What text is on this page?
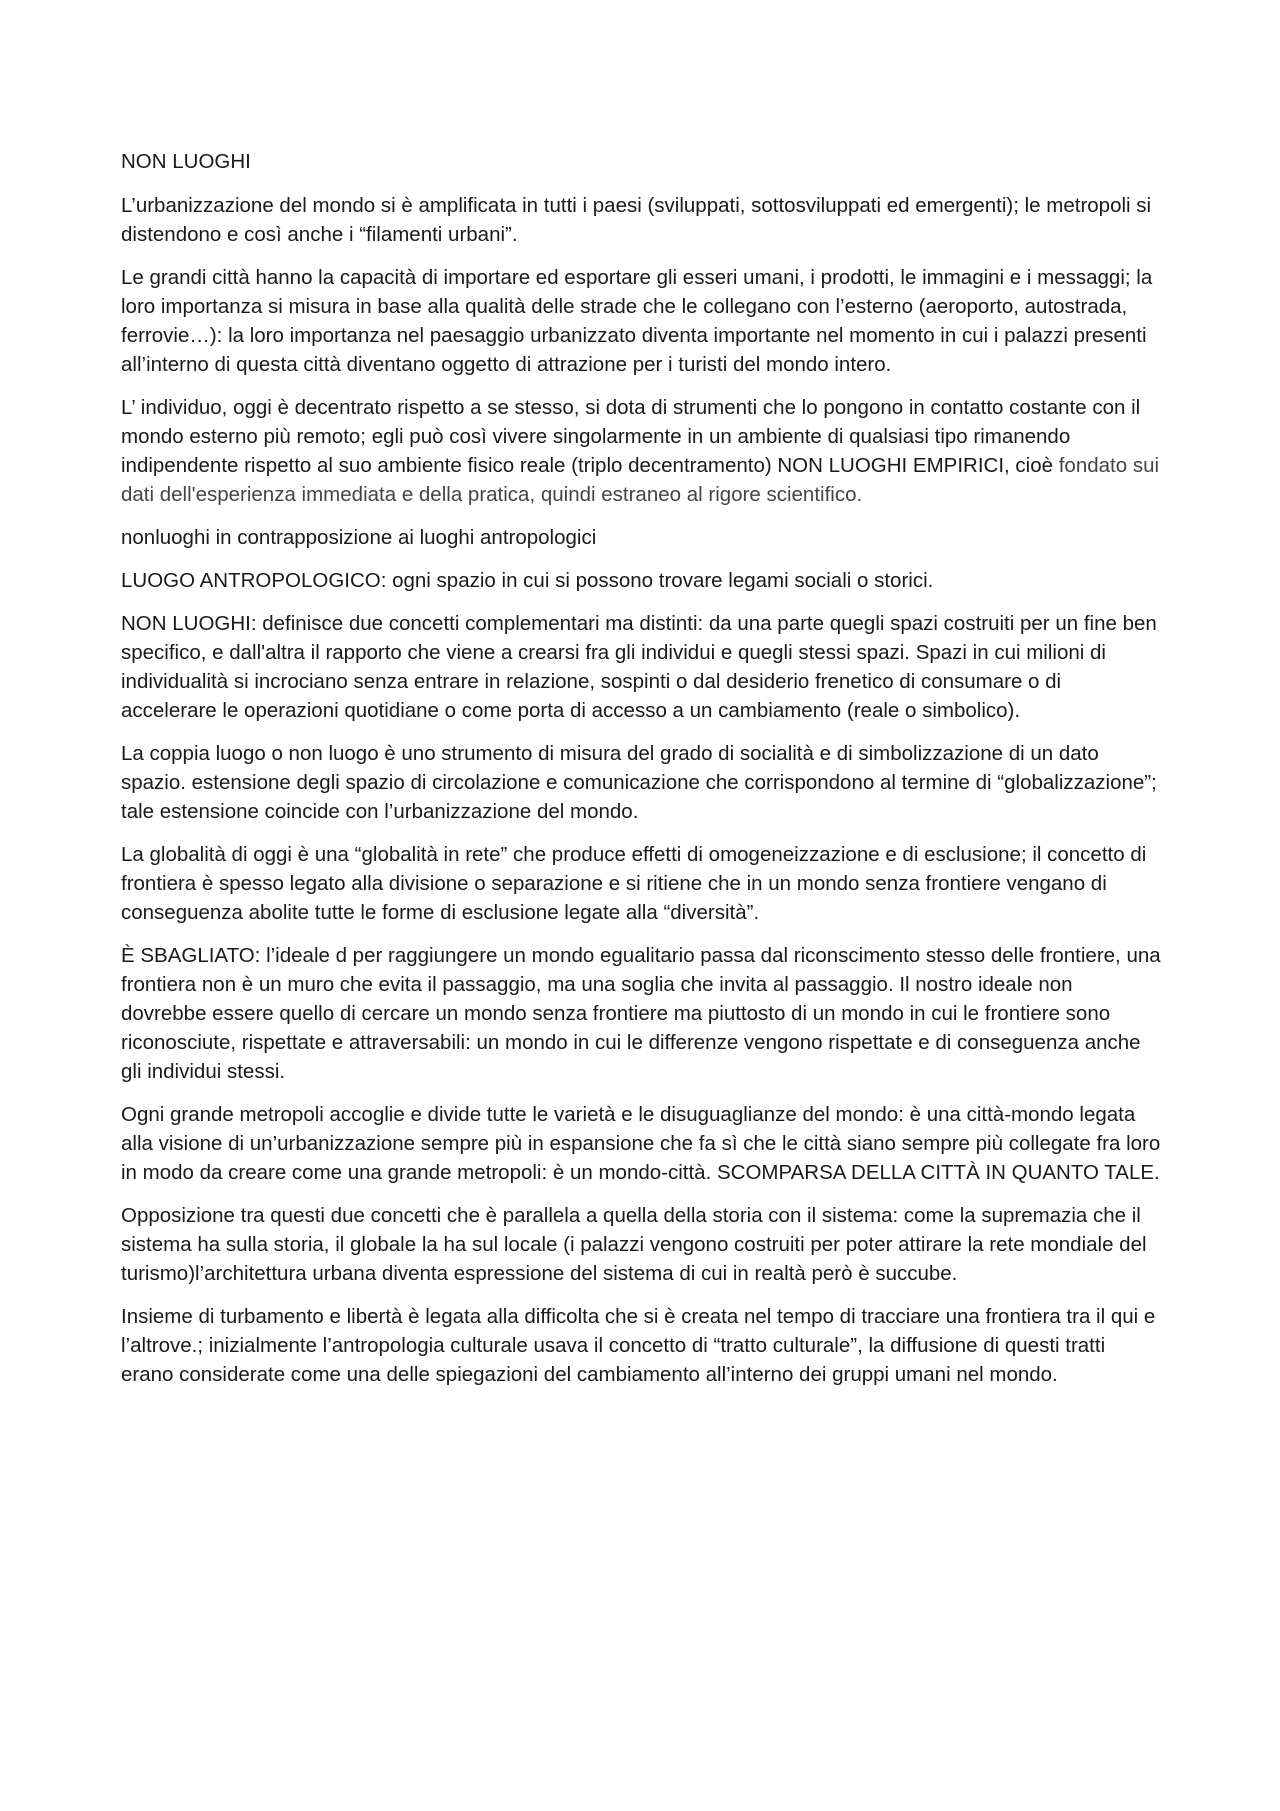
NON LUOGHI

L’urbanizzazione del mondo si è amplificata in tutti i paesi (sviluppati, sottosviluppati ed emergenti); le metropoli si distendono e così anche i “filamenti urbani”.

Le grandi città hanno la capacità di importare ed esportare gli esseri umani, i prodotti, le immagini e i messaggi; la loro importanza si misura in base alla qualità delle strade che le collegano con l’esterno (aeroporto, autostrada, ferrovie…): la loro importanza nel paesaggio urbanizzato diventa importante nel momento in cui i palazzi presenti all’interno di questa città diventano oggetto di attrazione per i turisti del mondo intero.

L’ individuo, oggi è decentrato rispetto a se stesso, si dota di strumenti che lo pongono in contatto costante con il mondo esterno più remoto; egli può così vivere singolarmente in un ambiente di qualsiasi tipo rimanendo indipendente rispetto al suo ambiente fisico reale (triplo decentramento) NON LUOGHI EMPIRICI, cioè fondato sui dati dell'esperienza immediata e della pratica, quindi estraneo al rigore scientifico.

nonluoghi in contrapposizione ai luoghi antropologici

LUOGO ANTROPOLOGICO: ogni spazio in cui si possono trovare legami sociali o storici.

NON LUOGHI: definisce due concetti complementari ma distinti: da una parte quegli spazi costruiti per un fine ben specifico, e dall'altra il rapporto che viene a crearsi fra gli individui e quegli stessi spazi. Spazi in cui milioni di individualità si incrociano senza entrare in relazione, sospinti o dal desiderio frenetico di consumare o di accelerare le operazioni quotidiane o come porta di accesso a un cambiamento (reale o simbolico).

La coppia luogo o non luogo è uno strumento di misura del grado di socialità e di simbolizzazione di un dato spazio. estensione degli spazio di circolazione e comunicazione che corrispondono al termine di “globalizzazione”; tale estensione coincide con l’urbanizzazione del mondo.

La globalità di oggi è una “globalità in rete” che produce effetti di omogeneizzazione e di esclusione; il concetto di frontiera è spesso legato alla divisione o separazione e si ritiene che in un mondo senza frontiere vengano di conseguenza abolite tutte le forme di esclusione legate alla “diversità”.

È SBAGLIATO: l’ideale d per raggiungere un mondo egualitario passa dal riconscimento stesso delle frontiere, una frontiera non è un muro che evita il passaggio, ma una soglia che invita al passaggio. Il nostro ideale non dovrebbe essere quello di cercare un mondo senza frontiere ma piuttosto di un mondo in cui le frontiere sono riconosciute, rispettate e attraversabili: un mondo in cui le differenze vengono rispettate e di conseguenza anche gli individui stessi.

Ogni grande metropoli accoglie e divide tutte le varietà e le disuguaglianze del mondo: è una città-mondo legata alla visione di un’urbanizzazione sempre più in espansione che fa sì che le città siano sempre più collegate fra loro in modo da creare come una grande metropoli: è un mondo-città. SCOMPARSA DELLA CITTÀ IN QUANTO TALE.

Opposizione tra questi due concetti che è parallela a quella della storia con il sistema: come la supremazia che il sistema ha sulla storia, il globale la ha sul locale (i palazzi vengono costruiti per poter attirare la rete mondiale del turismo)l’architettura urbana diventa espressione del sistema di cui in realtà però è succube.

Insieme di turbamento e libertà è legata alla difficolta che si è creata nel tempo di tracciare una frontiera tra il qui e l’altrove.; inizialmente l’antropologia culturale usava il concetto di “tratto culturale”, la diffusione di questi tratti erano considerate come una delle spiegazioni del cambiamento all’interno dei gruppi umani nel mondo.
